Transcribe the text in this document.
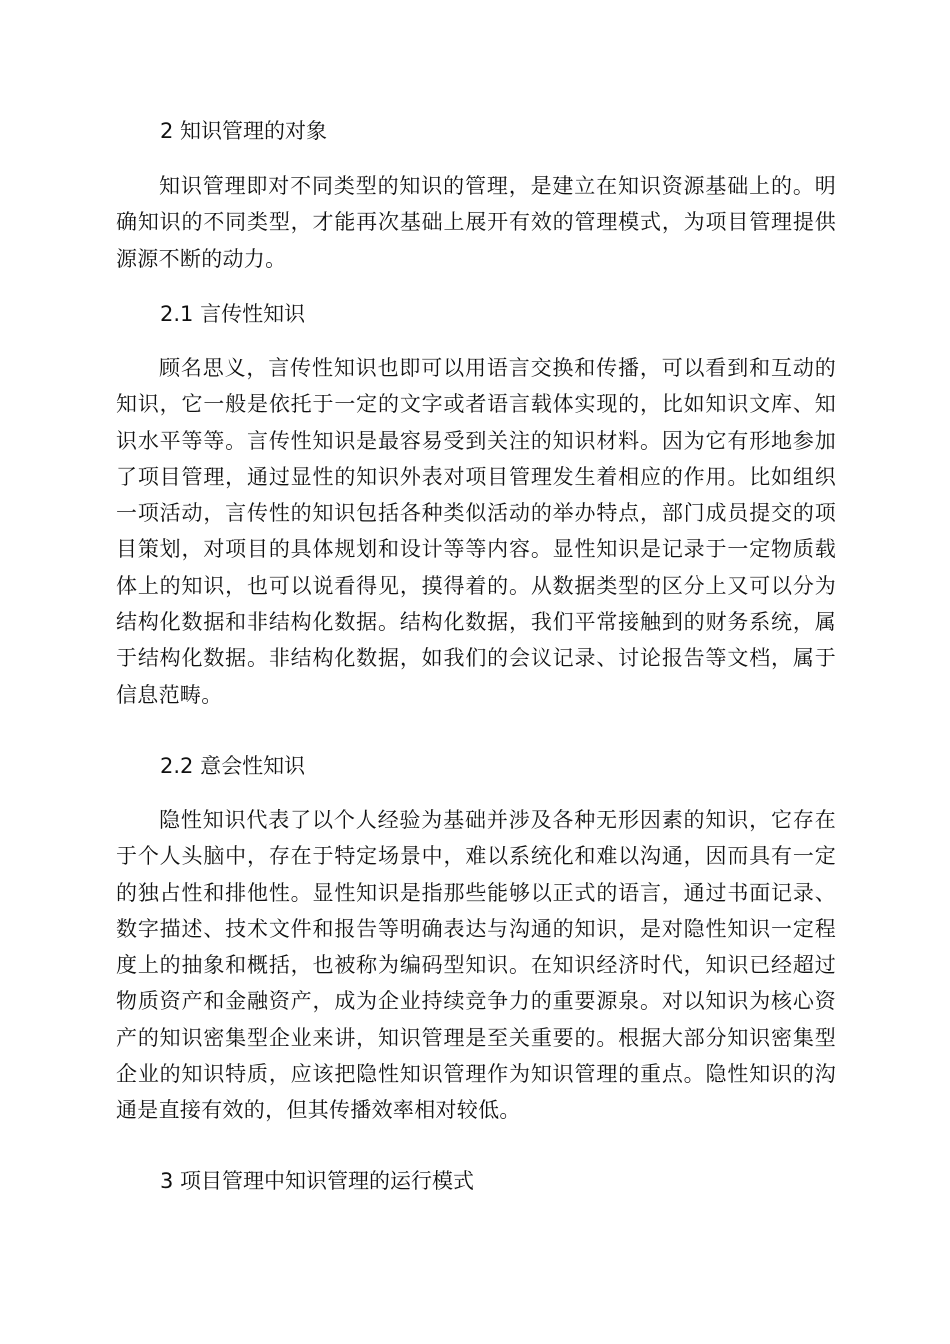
2 知识管理的对象

知识管理即对不同类型的知识的管理，是建立在知识资源基础上的。明确知识的不同类型，才能再次基础上展开有效的管理模式，为项目管理提供源源不断的动力。

2.1 言传性知识

顾名思义，言传性知识也即可以用语言交换和传播，可以看到和互动的知识，它一般是依托于一定的文字或者语言载体实现的，比如知识文库、知识水平等等。言传性知识是最容易受到关注的知识材料。因为它有形地参加了项目管理，通过显性的知识外表对项目管理发生着相应的作用。比如组织一项活动，言传性的知识包括各种类似活动的举办特点，部门成员提交的项目策划，对项目的具体规划和设计等等内容。显性知识是记录于一定物质载体上的知识，也可以说看得见，摸得着的。从数据类型的区分上又可以分为结构化数据和非结构化数据。结构化数据，我们平常接触到的财务系统，属于结构化数据。非结构化数据，如我们的会议记录、讨论报告等文档，属于信息范畴。

2.2 意会性知识

隐性知识代表了以个人经验为基础并涉及各种无形因素的知识，它存在于个人头脑中，存在于特定场景中，难以系统化和难以沟通，因而具有一定的独占性和排他性。显性知识是指那些能够以正式的语言，通过书面记录、数字描述、技术文件和报告等明确表达与沟通的知识，是对隐性知识一定程度上的抽象和概括，也被称为编码型知识。在知识经济时代，知识已经超过物质资产和金融资产，成为企业持续竞争力的重要源泉。对以知识为核心资产的知识密集型企业来讲，知识管理是至关重要的。根据大部分知识密集型企业的知识特质，应该把隐性知识管理作为知识管理的重点。隐性知识的沟通是直接有效的，但其传播效率相对较低。

3 项目管理中知识管理的运行模式
